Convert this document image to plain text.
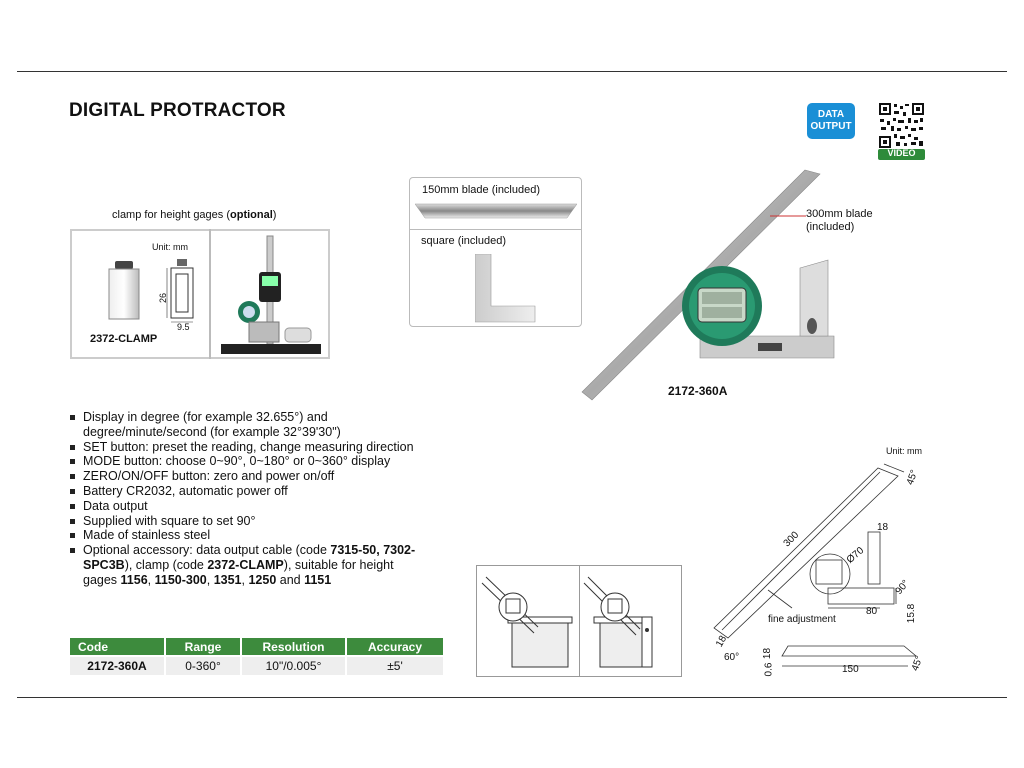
DIGITAL PROTRACTOR	DATA OUTPUT
VIDEO
clamp for height gages (optional)
Unit: mm
26
9.5
2372-CLAMP
150mm blade (included)
square (included)
300mm blade
(included)
2172-360A
Display in degree (for example 32.655°) and degree/minute/second (for example 32°39'30")
SET button: preset the reading, change measuring direction
MODE button: choose 0~90°, 0~180° or 0~360° display
ZERO/ON/OFF button: zero and power on/off
Battery CR2032, automatic power off
Data output
Supplied with square to set 90°
Made of stainless steel
Optional accessory: data output cable (code 7315-50, 7302-SPC3B), clamp (code 2372-CLAMP), suitable for height gages 1156, 1150-300, 1351, 1250 and 1151
Code	Range	Resolution	Accuracy
2172-360A	0-360°	10"/0.005°	±5'
Unit: mm
300
45°
18
Ø70
90°
80	15.8
fine adjustment
18
60° 18
0.6	150	45°
